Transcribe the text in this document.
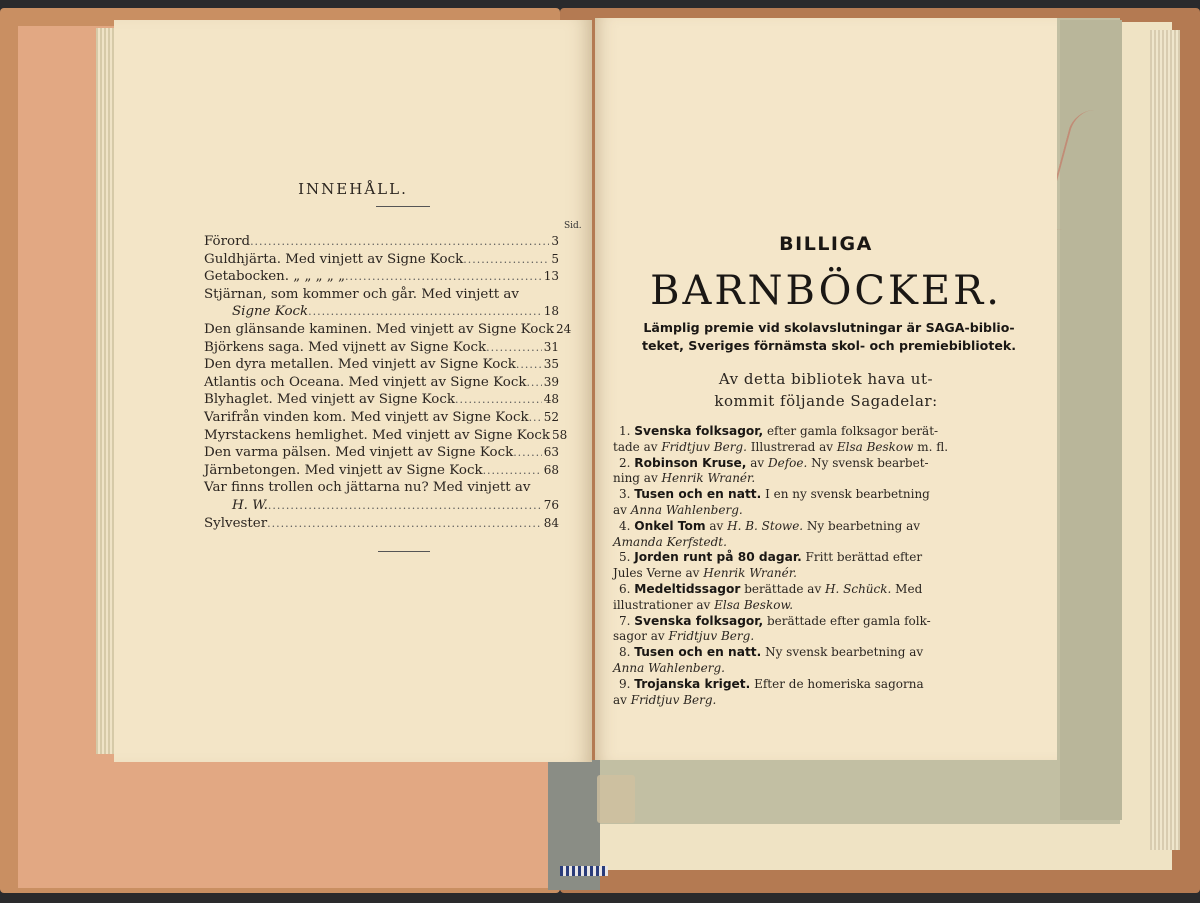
INNEHÅLL.
Sid.
Förord .....	3
Guldhjärta. Med vinjett av Signe Kock .....	5
Getabocken. „ „ „ „ „ .....	13
Stjärnan, som kommer och går. Med vinjett av
Signe Kock .....	18
Den glänsande kaminen. Med vinjett av Signe Kock 24
Björkens saga. Med vijnett av Signe Kock .....	31
Den dyra metallen. Med vinjett av Signe Kock ..... 35
Atlantis och Oceana. Med vinjett av Signe Kock ..... 39
Blyhaglet. Med vinjett av Signe Kock .....	48
Varifrån vinden kom. Med vinjett av Signe Kock ..... 52
Myrstackens hemlighet. Med vinjett av Signe Kock 58
Den varma pälsen. Med vinjett av Signe Kock .....	63
Järnbetongen. Med vinjett av Signe Kock .....	68
Var finns trollen och jättarna nu? Med vinjett av
H. W. .....	76
Sylvester .....	84
BILLIGA
BARNBÖCKER.
Lämplig premie vid skolavslutningar är SAGA-biblio-
teket, Sveriges förnämsta skol- och premiebibliotek.
Av detta bibliotek hava ut-
kommit följande Sagadelar:
1. Svenska folksagor, efter gamla folksagor berät-
tade av Fridtjuv Berg. Illustrerad av Elsa Beskow m. fl.
2. Robinson Kruse, av Defoe. Ny svensk bearbet-
ning av Henrik Wranér.
3. Tusen och en natt. I en ny svensk bearbetning
av Anna Wahlenberg.
4. Onkel Tom av H. B. Stowe. Ny bearbetning av
Amanda Kerfstedt.
5. Jorden runt på 80 dagar. Fritt berättad efter
Jules Verne av Henrik Wranér.
6. Medeltidssagor berättade av H. Schück. Med
illustrationer av Elsa Beskow.
7. Svenska folksagor, berättade efter gamla folk-
sagor av Fridtjuv Berg.
8. Tusen och en natt. Ny svensk bearbetning av
Anna Wahlenberg.
9. Trojanska kriget. Efter de homeriska sagorna
av Fridtjuv Berg.
